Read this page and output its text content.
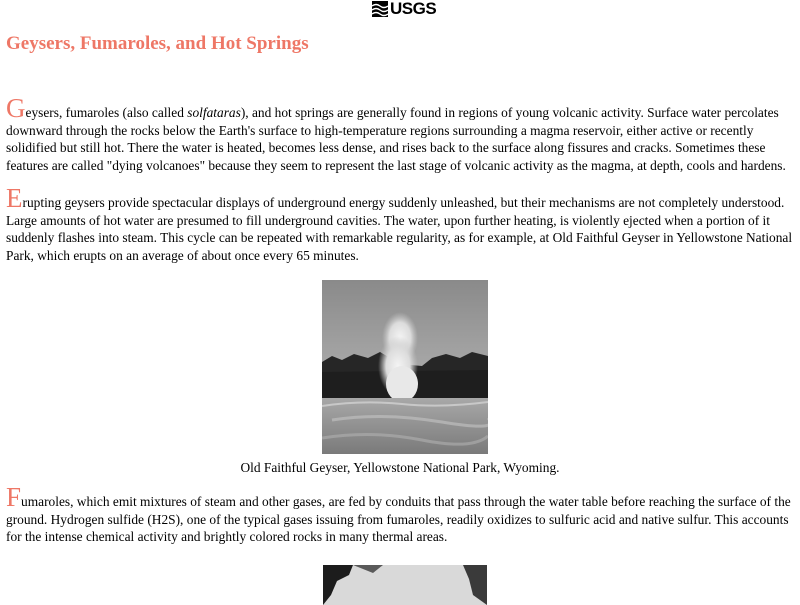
USGS
Geysers, Fumaroles, and Hot Springs

Geysers, fumaroles (also called solfataras), and hot springs are generally found in regions of young volcanic activity. Surface water percolates downward through the rocks below the Earth's surface to high-temperature regions surrounding a magma reservoir, either active or recently solidified but still hot. There the water is heated, becomes less dense, and rises back to the surface along fissures and cracks. Sometimes these features are called "dying volcanoes" because they seem to represent the last stage of volcanic activity as the magma, at depth, cools and hardens.

Erupting geysers provide spectacular displays of underground energy suddenly unleashed, but their mechanisms are not completely understood. Large amounts of hot water are presumed to fill underground cavities. The water, upon further heating, is violently ejected when a portion of it suddenly flashes into steam. This cycle can be repeated with remarkable regularity, as for example, at Old Faithful Geyser in Yellowstone National Park, which erupts on an average of about once every 65 minutes.

Old Faithful Geyser, Yellowstone National Park, Wyoming.

Fumaroles, which emit mixtures of steam and other gases, are fed by conduits that pass through the water table before reaching the surface of the ground. Hydrogen sulfide (H2S), one of the typical gases issuing from fumaroles, readily oxidizes to sulfuric acid and native sulfur. This accounts for the intense chemical activity and brightly colored rocks in many thermal areas.
